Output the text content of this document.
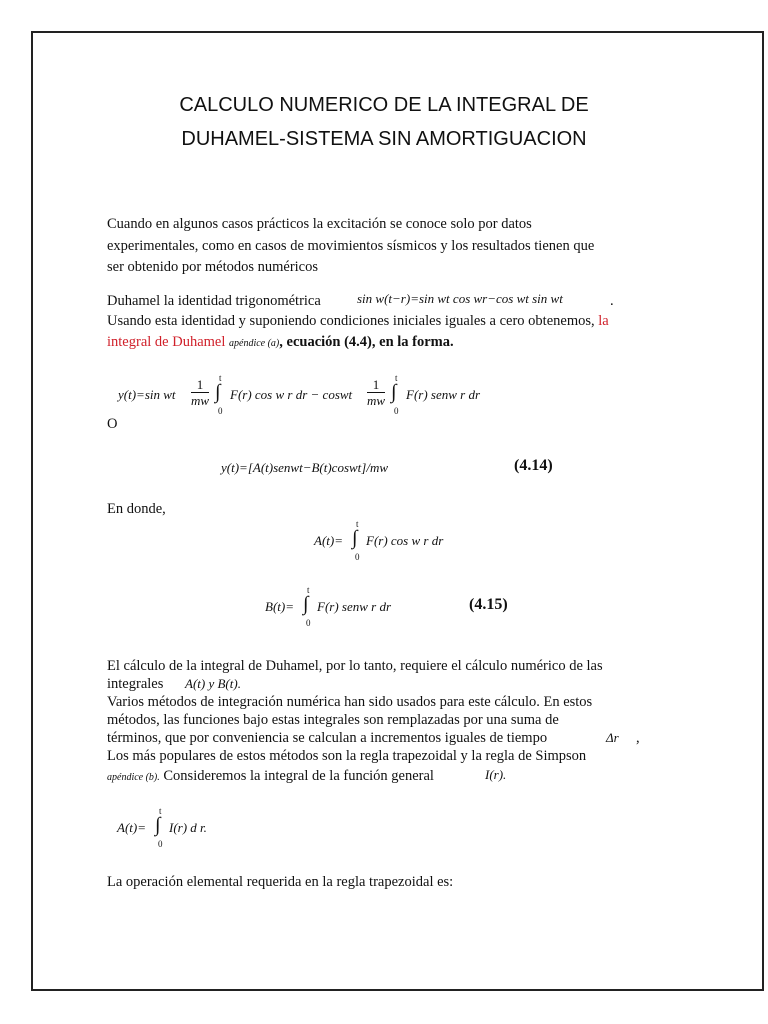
CALCULO NUMERICO DE LA INTEGRAL DE
DUHAMEL-SISTEMA SIN AMORTIGUACION
Cuando en algunos casos prácticos la excitación se conoce solo por datos
experimentales, como en casos de movimientos sísmicos y los resultados tienen que
ser obtenido por métodos numéricos
Duhamel la identidad trigonométrica	sin w(t−r)=sin wt cos wr−cos wt sin wt	.
Usando esta identidad y suponiendo condiciones iniciales iguales a cero obtenemos, la
integral de Duhamel apéndice (a), ecuación (4.4), en la forma.
y(t)=sin wt $\frac{1}{mw}$ t
∫
0
F(r) cos w r dr − coswt $\frac{1}{mw}$ t
∫
0
F(r) senw r dr
O
y(t)=[A(t)senwt−B(t)coswt]/mw	(4.14)
En donde,
A(t)=
t
∫
0
F(r) cos w r dr
B(t)=
t
∫
0
F(r) senw r dr	(4.15)
El cálculo de la integral de Duhamel, por lo tanto, requiere el cálculo numérico de las
integrales A(t) y B(t).
Varios métodos de integración numérica han sido usados para este cálculo. En estos
métodos, las funciones bajo estas integrales son remplazadas por una suma de
términos, que por conveniencia se calculan a incrementos iguales de tiempo	Δr ,
Los más populares de estos métodos son la regla trapezoidal y la regla de Simpson
apéndice (b). Consideremos la integral de la función general	I(r).
A(t)=
t
∫
0
I(r) d r.
La operación elemental requerida en la regla trapezoidal es:
